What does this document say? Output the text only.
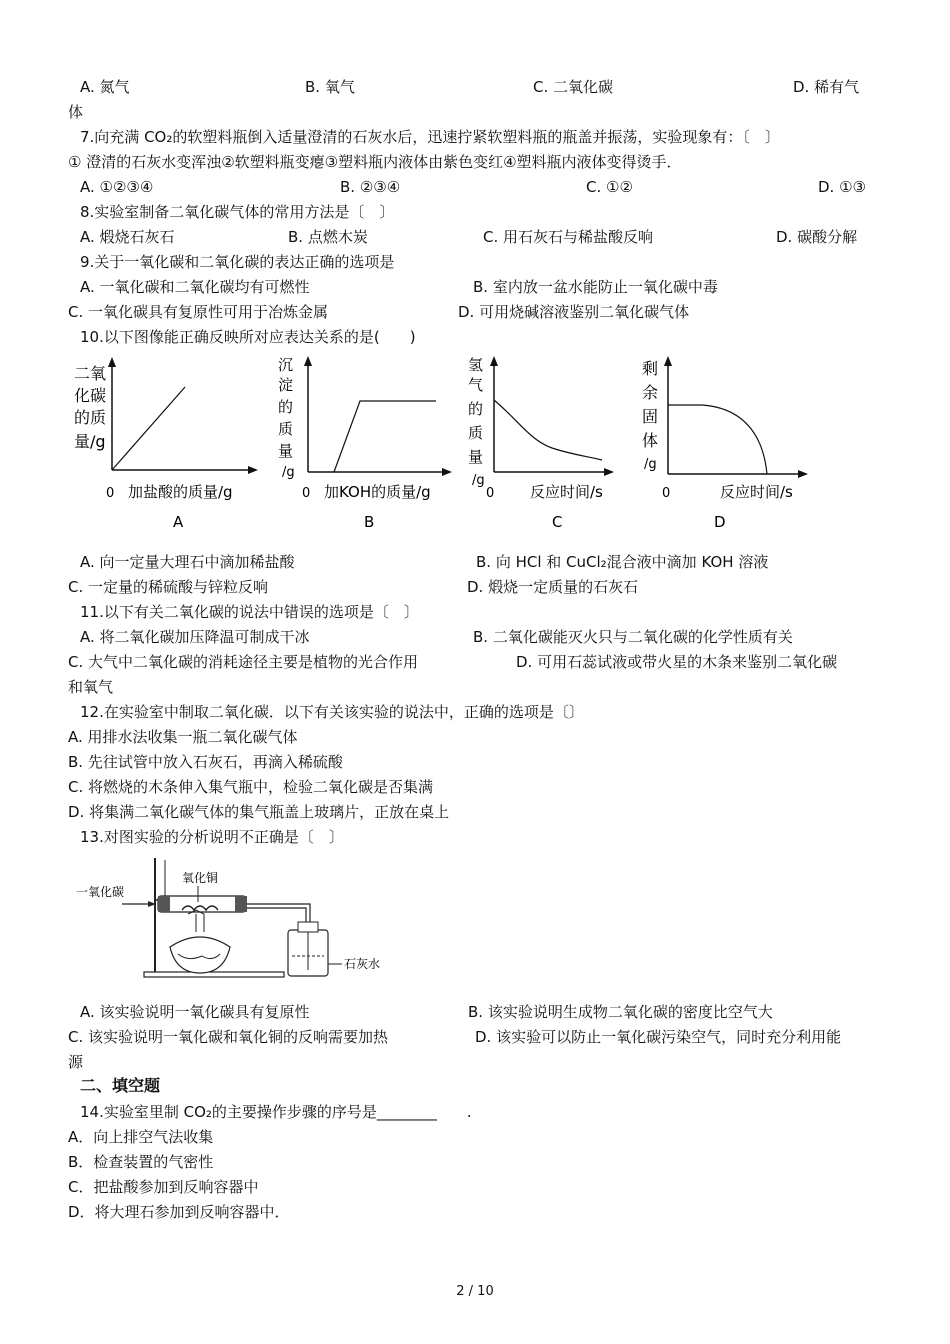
A. 氮气	B. 氧气	C. 二氧化碳	D. 稀有气
体
7.向充满 CO₂的软塑料瓶倒入适量澄清的石灰水后，迅速拧紧软塑料瓶的瓶盖并振荡，实验现象有：〔　〕
① 澄清的石灰水变浑浊②软塑料瓶变瘪③塑料瓶内液体由紫色变红④塑料瓶内液体变得烫手．
A. ①②③④	B. ②③④	C. ①②	D. ①③
8.实验室制备二氧化碳气体的常用方法是〔　〕
A. 煅烧石灰石	B. 点燃木炭	C. 用石灰石与稀盐酸反响	D. 碳酸分解
9.关于一氧化碳和二氧化碳的表达正确的选项是
A. 一氧化碳和二氧化碳均有可燃性	B. 室内放一盆水能防止一氧化碳中毒
C. 一氧化碳具有复原性可用于冶炼金属	D. 可用烧碱溶液鉴别二氧化碳气体
10.以下图像能正确反映所对应表达关系的是(　　)
二氧
化碳
的质
量/g
0 加盐酸的质量/g
A
沉
淀
的
质
量
/g
0 加KOH的质量/g
B
氢
气
的
质
量
/g
0 反应时间/s
C
剩
余
固
体
/g
0	反应时间/s
D
A. 向一定量大理石中滴加稀盐酸	B. 向 HCl 和 CuCl₂混合液中滴加 KOH 溶液
C. 一定量的稀硫酸与锌粒反响	D. 煅烧一定质量的石灰石
11.以下有关二氧化碳的说法中错误的选项是〔　〕
A. 将二氧化碳加压降温可制成干冰	B. 二氧化碳能灭火只与二氧化碳的化学性质有关
C. 大气中二氧化碳的消耗途径主要是植物的光合作用	D. 可用石蕊试液或带火星的木条来鉴别二氧化碳
和氧气
12.在实验室中制取二氧化碳．以下有关该实验的说法中，正确的选项是〔〕
A. 用排水法收集一瓶二氧化碳气体
B. 先往试管中放入石灰石，再滴入稀硫酸
C. 将燃烧的木条伸入集气瓶中，检验二氧化碳是否集满
D. 将集满二氧化碳气体的集气瓶盖上玻璃片，正放在桌上
13.对图实验的分析说明不正确是〔　〕
一氧化碳
氧化铜
石灰水
A. 该实验说明一氧化碳具有复原性	B. 该实验说明生成物二氧化碳的密度比空气大
C. 该实验说明一氧化碳和氧化铜的反响需要加热	D. 该实验可以防止一氧化碳污染空气，同时充分利用能
源
二、填空题
14.实验室里制 CO₂的主要操作步骤的序号是________　　.
A．向上排空气法收集
B．检查装置的气密性
C．把盐酸参加到反响容器中
D．将大理石参加到反响容器中．
2 / 10
